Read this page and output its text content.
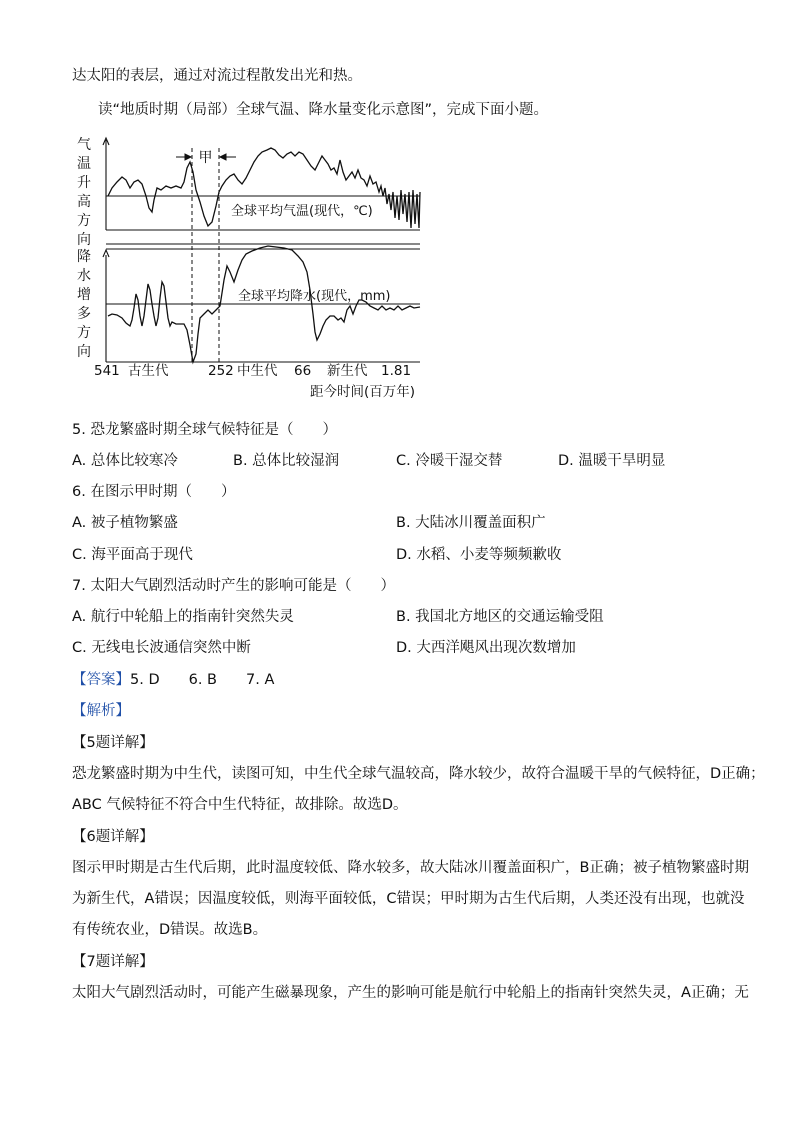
达太阳的表层，通过对流过程散发出光和热。
读“地质时期（局部）全球气温、降水量变化示意图”，完成下面小题。
气
温
升
高
方
向
降
水
增
多
方
向
甲
全球平均气温(现代，℃)
全球平均降水(现代，mm)
541 古生代	252 中生代 66 新生代 1.81
距今时间(百万年)
5. 恐龙繁盛时期全球气候特征是（　　）
A. 总体比较寒冷	B. 总体比较湿润	C. 冷暖干湿交替	D. 温暖干旱明显
6. 在图示甲时期（　　）
A. 被子植物繁盛	B. 大陆冰川覆盖面积广
C. 海平面高于现代	D. 水稻、小麦等频频歉收
7. 太阳大气剧烈活动时产生的影响可能是（　　）
A. 航行中轮船上的指南针突然失灵	B. 我国北方地区的交通运输受阻
C. 无线电长波通信突然中断	D. 大西洋飓风出现次数增加
【答案】5. D　　6. B　　7. A
【解析】
【5题详解】
恐龙繁盛时期为中生代，读图可知，中生代全球气温较高，降水较少，故符合温暖干旱的气候特征，D正确；
ABC 气候特征不符合中生代特征，故排除。故选D。
【6题详解】
图示甲时期是古生代后期，此时温度较低、降水较多，故大陆冰川覆盖面积广，B正确；被子植物繁盛时期
为新生代，A错误；因温度较低，则海平面较低，C错误；甲时期为古生代后期，人类还没有出现，也就没
有传统农业，D错误。故选B。
【7题详解】
太阳大气剧烈活动时，可能产生磁暴现象，产生的影响可能是航行中轮船上的指南针突然失灵，A正确；无
